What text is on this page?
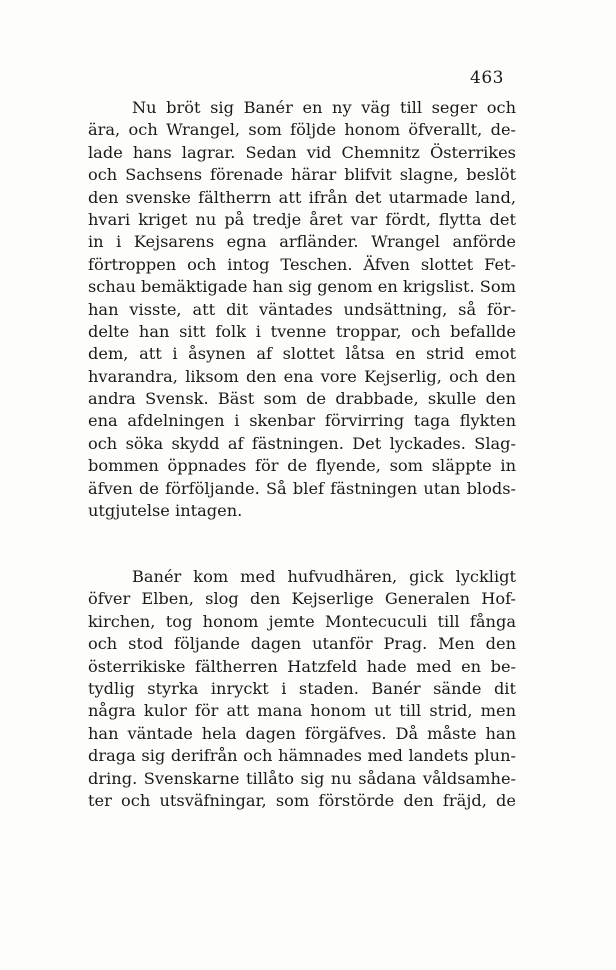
463
Nu bröt sig Banér en ny väg till seger och
ära, och Wrangel, som följde honom öfverallt, de-
lade hans lagrar. Sedan vid Chemnitz Österrikes
och Sachsens förenade härar blifvit slagne, beslöt
den svenske fältherrn att ifrån det utarmade land,
hvari kriget nu på tredje året var fördt, flytta det
in i Kejsarens egna arfländer. Wrangel anförde
förtroppen och intog Teschen. Äfven slottet Fet-
schau bemäktigade han sig genom en krigslist. Som
han visste, att dit väntades undsättning, så för-
delte han sitt folk i tvenne troppar, och befallde
dem, att i åsynen af slottet låtsa en strid emot
hvarandra, liksom den ena vore Kejserlig, och den
andra Svensk. Bäst som de drabbade, skulle den
ena afdelningen i skenbar förvirring taga flykten
och söka skydd af fästningen. Det lyckades. Slag-
bommen öppnades för de flyende, som släppte in
äfven de förföljande. Så blef fästningen utan blods-
utgjutelse intagen.
Banér kom med hufvudhären, gick lyckligt
öfver Elben, slog den Kejserlige Generalen Hof-
kirchen, tog honom jemte Montecuculi till fånga
och stod följande dagen utanför Prag. Men den
österrikiske fältherren Hatzfeld hade med en be-
tydlig styrka inryckt i staden. Banér sände dit
några kulor för att mana honom ut till strid, men
han väntade hela dagen förgäfves. Då måste han
draga sig derifrån och hämnades med landets plun-
dring. Svenskarne tillåto sig nu sådana våldsamhe-
ter och utsväfningar, som förstörde den fräjd, de
